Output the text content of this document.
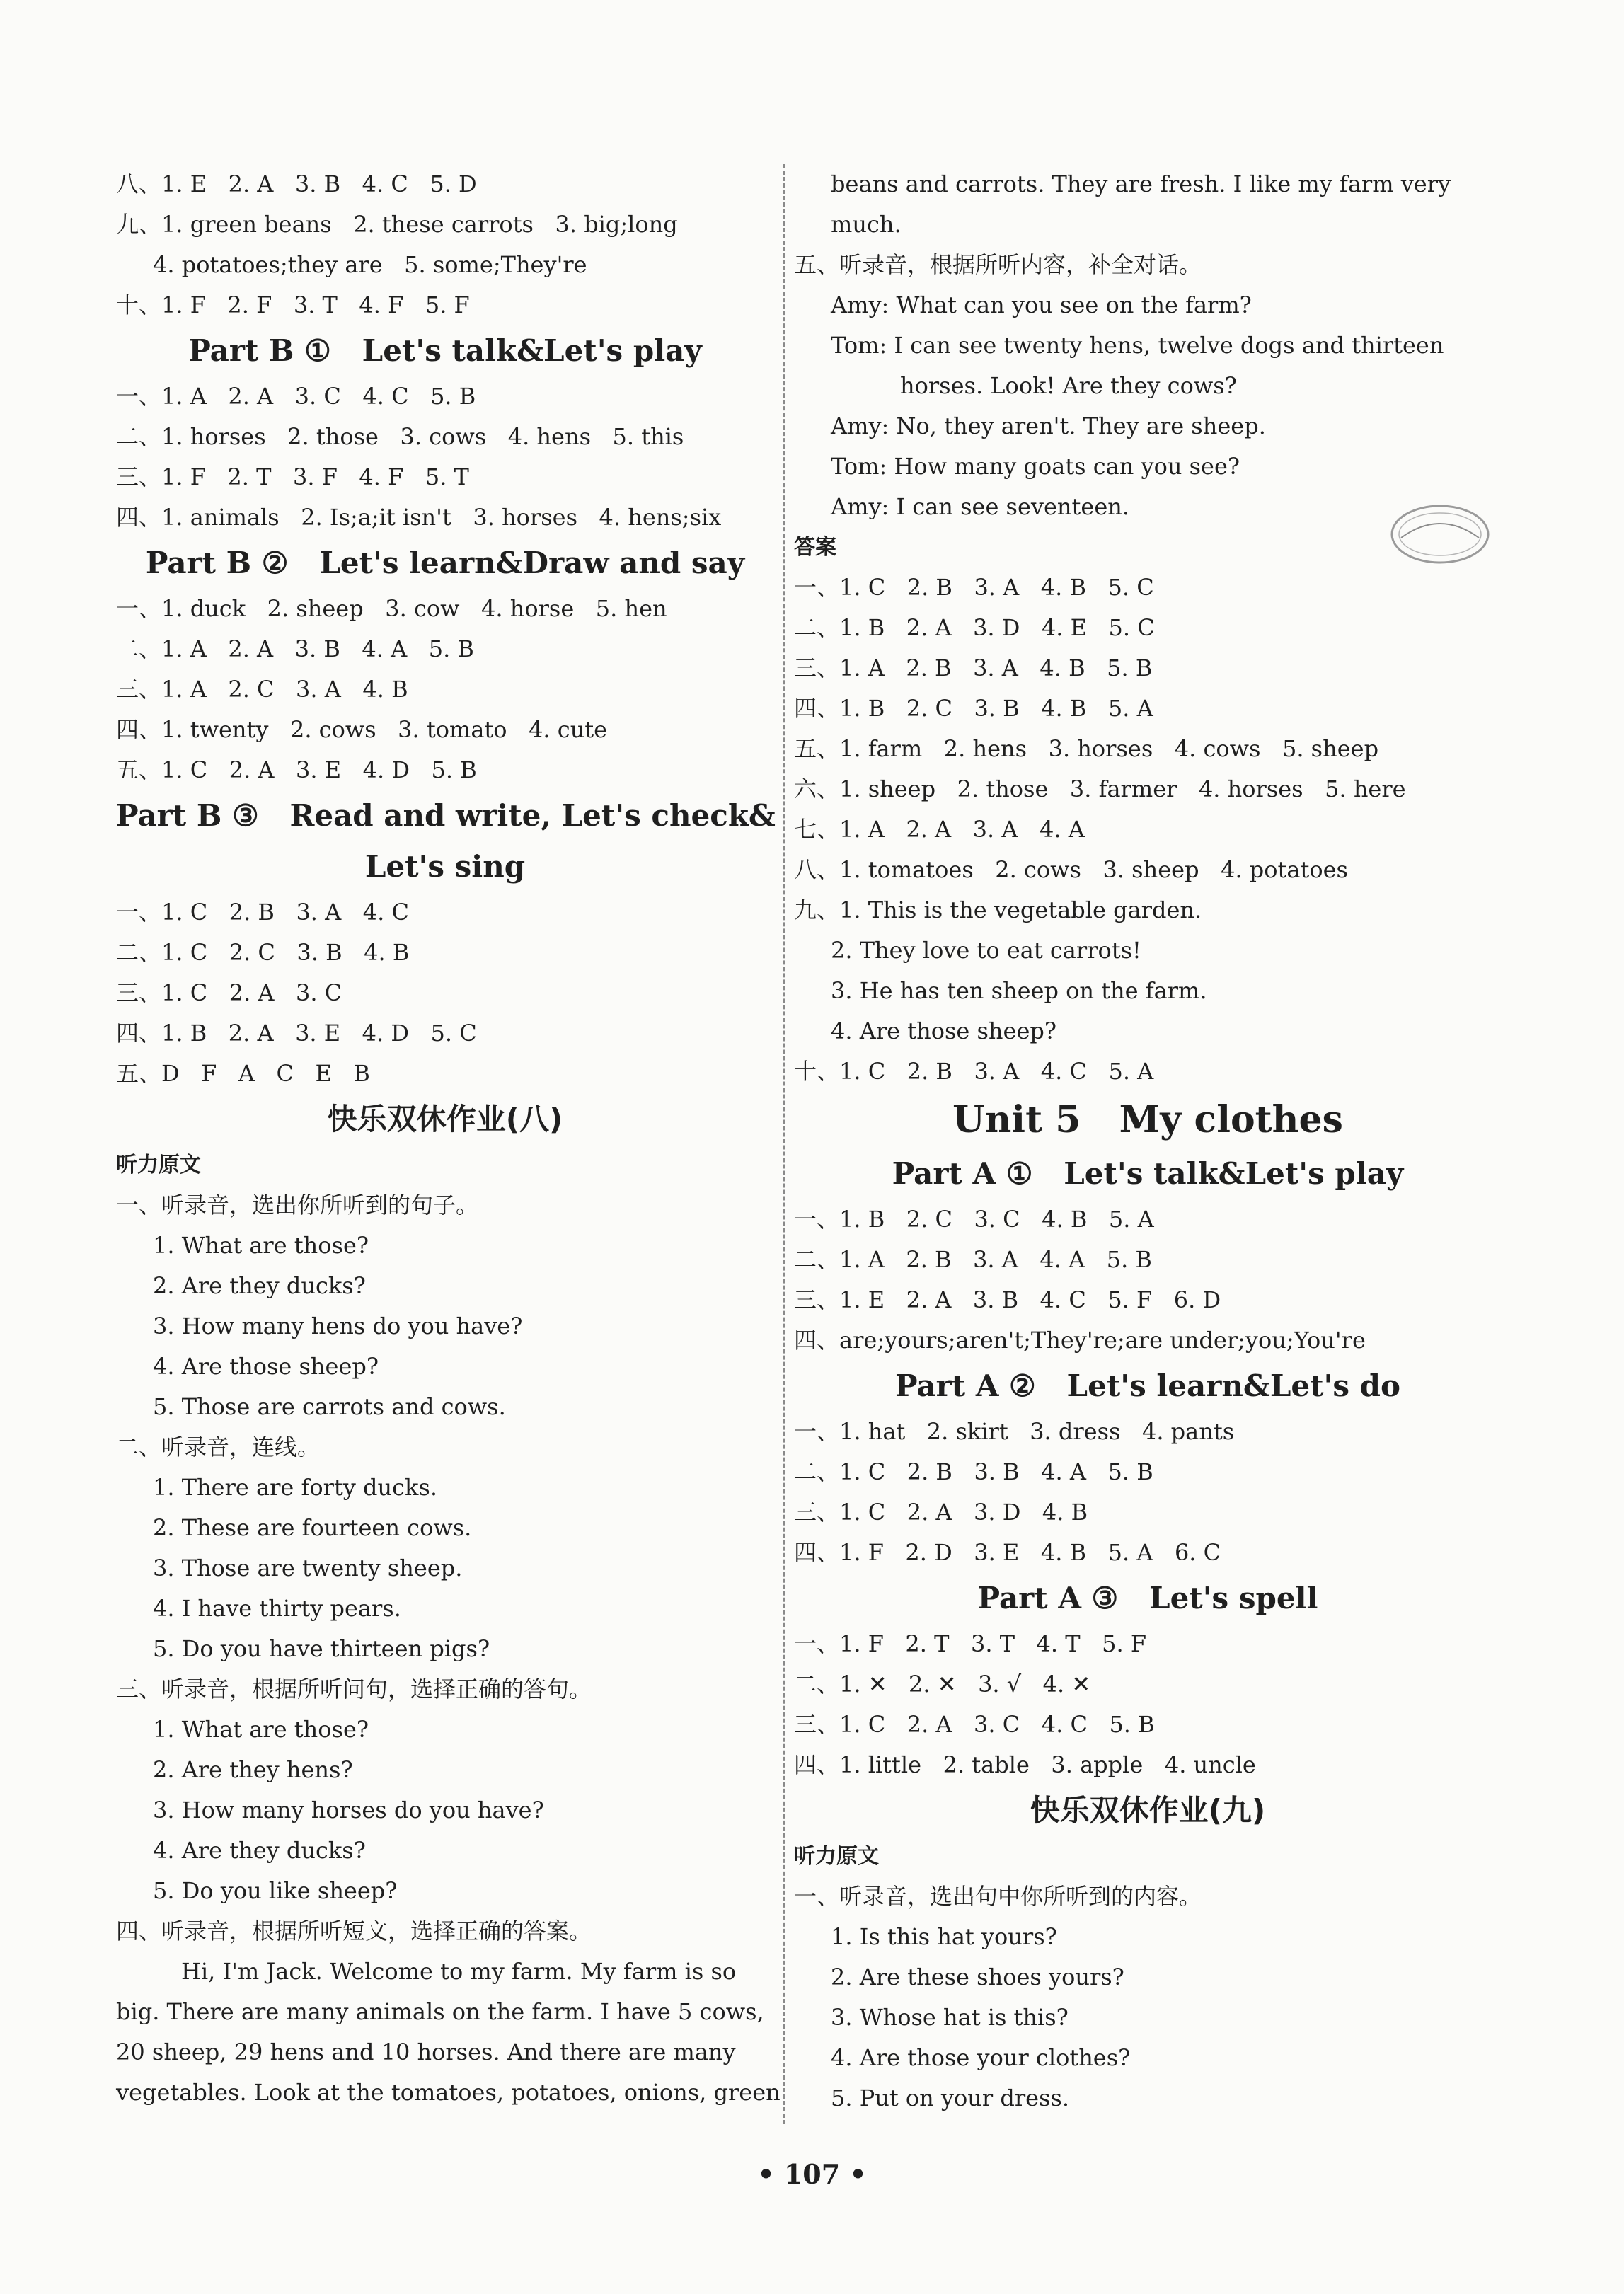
八、1. E   2. A   3. B   4. C   5. D
九、1. green beans   2. these carrots   3. big;long
4. potatoes;they are   5. some;They're
十、1. F   2. F   3. T   4. F   5. F
Part B ①   Let's talk&Let's play
一、1. A   2. A   3. C   4. C   5. B
二、1. horses   2. those   3. cows   4. hens   5. this
三、1. F   2. T   3. F   4. F   5. T
四、1. animals   2. Is;a;it isn't   3. horses   4. hens;six
Part B ②   Let's learn&Draw and say
一、1. duck   2. sheep   3. cow   4. horse   5. hen
二、1. A   2. A   3. B   4. A   5. B
三、1. A   2. C   3. A   4. B
四、1. twenty   2. cows   3. tomato   4. cute
五、1. C   2. A   3. E   4. D   5. B
Part B ③   Read and write, Let's check&
Let's sing
一、1. C   2. B   3. A   4. C
二、1. C   2. C   3. B   4. B
三、1. C   2. A   3. C
四、1. B   2. A   3. E   4. D   5. C
五、D   F   A   C   E   B
快乐双休作业(八)
听力原文
一、听录音，选出你所听到的句子。
1. What are those?
2. Are they ducks?
3. How many hens do you have?
4. Are those sheep?
5. Those are carrots and cows.
二、听录音，连线。
1. There are forty ducks.
2. These are fourteen cows.
3. Those are twenty sheep.
4. I have thirty pears.
5. Do you have thirteen pigs?
三、听录音，根据所听问句，选择正确的答句。
1. What are those?
2. Are they hens?
3. How many horses do you have?
4. Are they ducks?
5. Do you like sheep?
四、听录音，根据所听短文，选择正确的答案。
Hi, I'm Jack. Welcome to my farm. My farm is so
big. There are many animals on the farm. I have 5 cows,
20 sheep, 29 hens and 10 horses. And there are many
vegetables. Look at the tomatoes, potatoes, onions, green
beans and carrots. They are fresh. I like my farm very
much.
五、听录音，根据所听内容，补全对话。
Amy: What can you see on the farm?
Tom: I can see twenty hens, twelve dogs and thirteen
horses. Look! Are they cows?
Amy: No, they aren't. They are sheep.
Tom: How many goats can you see?
Amy: I can see seventeen.
答案
一、1. C   2. B   3. A   4. B   5. C
二、1. B   2. A   3. D   4. E   5. C
三、1. A   2. B   3. A   4. B   5. B
四、1. B   2. C   3. B   4. B   5. A
五、1. farm   2. hens   3. horses   4. cows   5. sheep
六、1. sheep   2. those   3. farmer   4. horses   5. here
七、1. A   2. A   3. A   4. A
八、1. tomatoes   2. cows   3. sheep   4. potatoes
九、1. This is the vegetable garden.
2. They love to eat carrots!
3. He has ten sheep on the farm.
4. Are those sheep?
十、1. C   2. B   3. A   4. C   5. A
Unit 5   My clothes
Part A ①   Let's talk&Let's play
一、1. B   2. C   3. C   4. B   5. A
二、1. A   2. B   3. A   4. A   5. B
三、1. E   2. A   3. B   4. C   5. F   6. D
四、are;yours;aren't;They're;are under;you;You're
Part A ②   Let's learn&Let's do
一、1. hat   2. skirt   3. dress   4. pants
二、1. C   2. B   3. B   4. A   5. B
三、1. C   2. A   3. D   4. B
四、1. F   2. D   3. E   4. B   5. A   6. C
Part A ③   Let's spell
一、1. F   2. T   3. T   4. T   5. F
二、1. ✕   2. ✕   3. √   4. ✕
三、1. C   2. A   3. C   4. C   5. B
四、1. little   2. table   3. apple   4. uncle
快乐双休作业(九)
听力原文
一、听录音，选出句中你所听到的内容。
1. Is this hat yours?
2. Are these shoes yours?
3. Whose hat is this?
4. Are those your clothes?
5. Put on your dress.
• 107 •
